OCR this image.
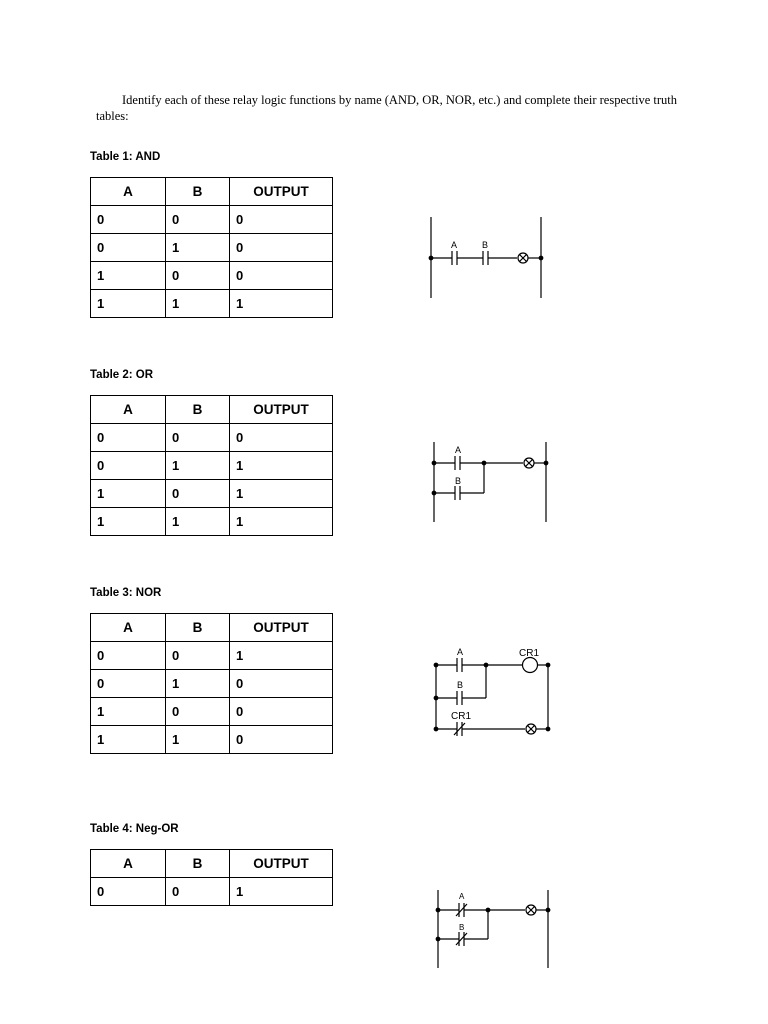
Identify each of these relay logic functions by name (AND, OR, NOR, etc.) and complete their respective truth tables:

Table 1: AND

A	B	OUTPUT
0	0	0
0	1	0
1	0	0
1	1	1

Table 2: OR

A	B	OUTPUT
0	0	0
0	1	1
1	0	1
1	1	1

Table 3: NOR

A	B	OUTPUT
0	0	1
0	1	0
1	0	0
1	1	0

Table 4: Neg-OR

A	B	OUTPUT
0	0	1
A	B
A
B
A	CR1
B
CR1
A
B
